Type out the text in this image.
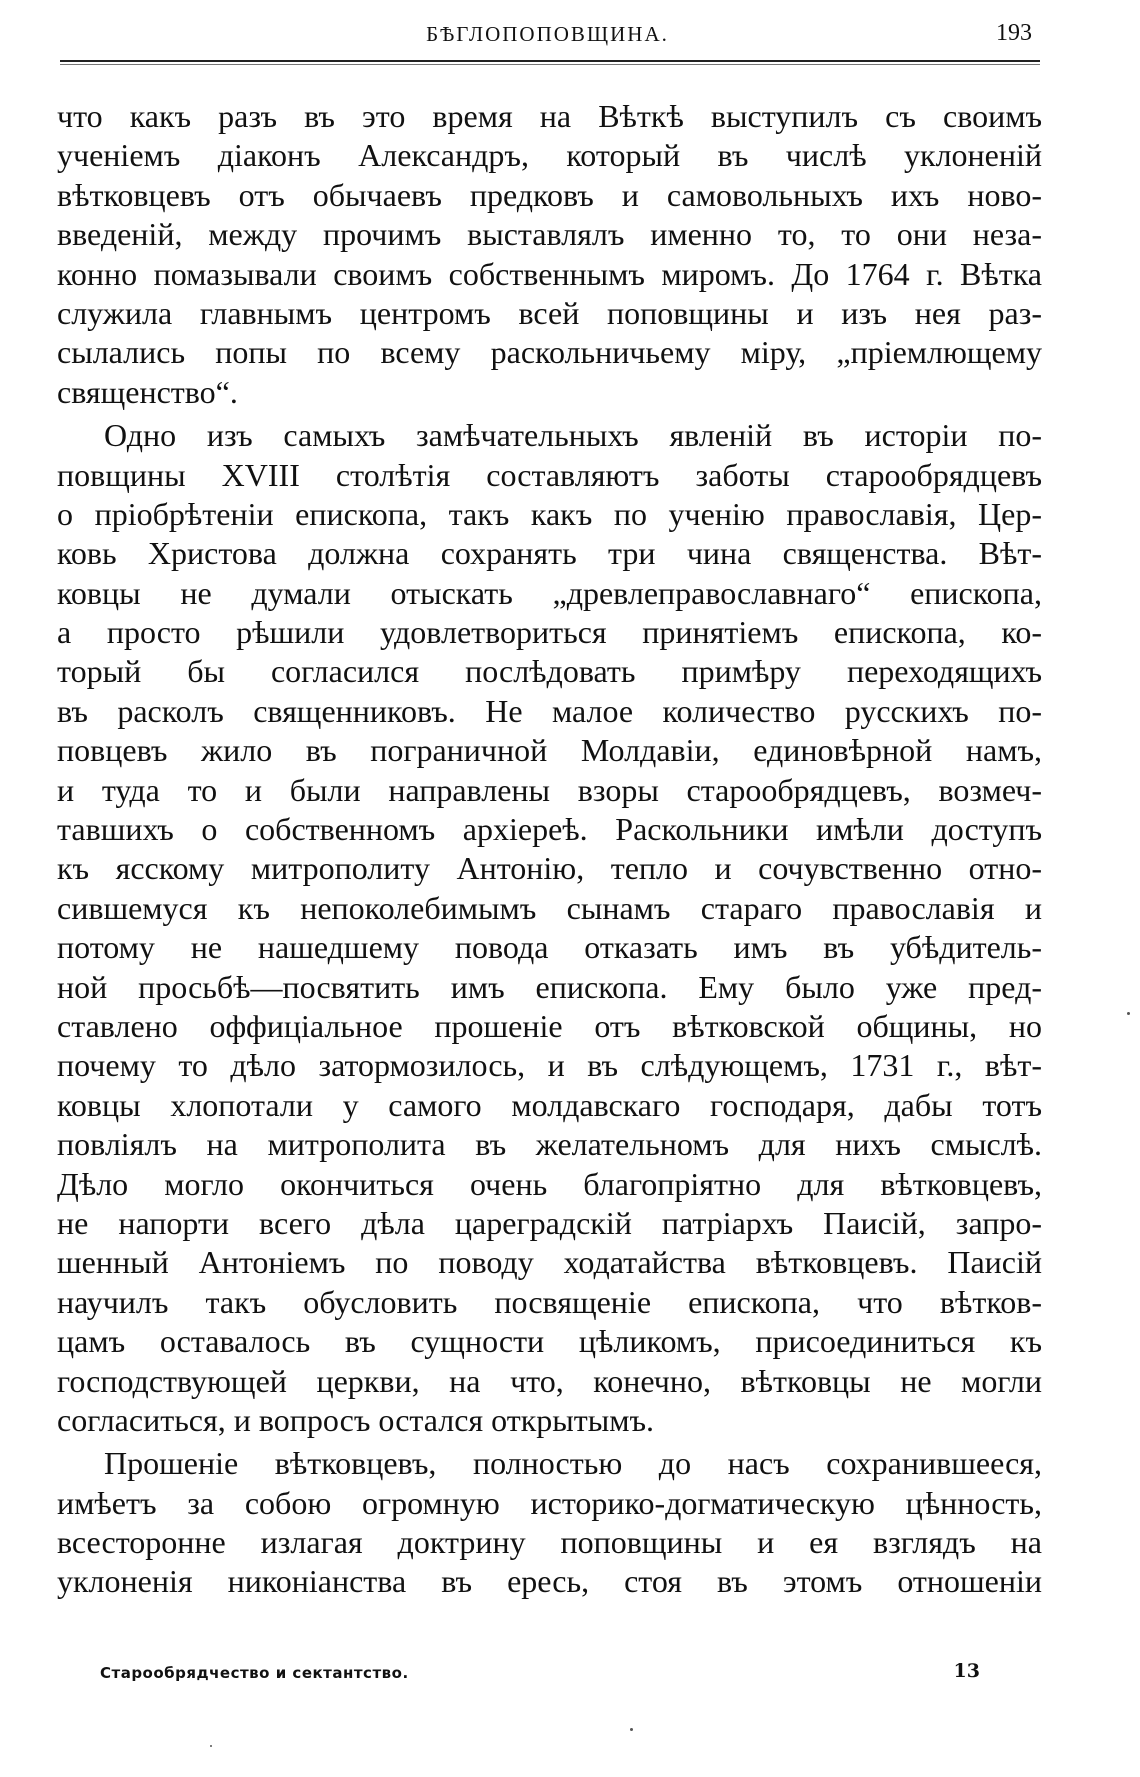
БѢГЛОПОПОВЩИНА.	193
что какъ разъ въ это время на Вѣткѣ выступилъ съ своимъ
ученіемъ діаконъ Александръ, который въ числѣ уклоненій
вѣтковцевъ отъ обычаевъ предковъ и самовольныхъ ихъ ново-
введеній, между прочимъ выставлялъ именно то, то они неза-
конно помазывали своимъ собственнымъ миромъ. До 1764 г. Вѣтка
служила главнымъ центромъ всей поповщины и изъ нея раз-
сылались попы по всему раскольничьему міру, „пріемлющему
священство“.
Одно изъ самыхъ замѣчательныхъ явленій въ исторіи по-
повщины XVIII столѣтія составляютъ заботы старообрядцевъ
о пріобрѣтеніи епископа, такъ какъ по ученію православія, Цер-
ковь Христова должна сохранять три чина священства. Вѣт-
ковцы не думали отыскать „древлеправославнаго“ епископа,
а просто рѣшили удовлетвориться принятіемъ епископа, ко-
торый бы согласился послѣдовать примѣру переходящихъ
въ расколъ священниковъ. Не малое количество русскихъ по-
повцевъ жило въ пограничной Молдавіи, единовѣрной намъ,
и туда то и были направлены взоры старообрядцевъ, возмеч-
тавшихъ о собственномъ архіереѣ. Раскольники имѣли доступъ
къ ясскому митрополиту Антонію, тепло и сочувственно отно-
сившемуся къ непоколебимымъ сынамъ стараго православія и
потому не нашедшему повода отказать имъ въ убѣдитель-
ной просьбѣ—посвятить имъ епископа. Ему было уже пред-
ставлено оффиціальное прошеніе отъ вѣтковской общины, но
почему то дѣло затормозилось, и въ слѣдующемъ, 1731 г., вѣт-
ковцы хлопотали у самого молдавскаго господаря, дабы тотъ
повліялъ на митрополита въ желательномъ для нихъ смыслѣ.
Дѣло могло окончиться очень благопріятно для вѣтковцевъ,
не напорти всего дѣла цареградскій патріархъ Паисій, запро-
шенный Антоніемъ по поводу ходатайства вѣтковцевъ. Паисій
научилъ такъ обусловить посвященіе епископа, что вѣтков-
цамъ оставалось въ сущности цѣликомъ, присоединиться къ
господствующей церкви, на что, конечно, вѣтковцы не могли
согласиться, и вопросъ остался открытымъ.
Прошеніе вѣтковцевъ, полностью до насъ сохранившееся,
имѣетъ за собою огромную историко-догматическую цѣнность,
всесторонне излагая доктрину поповщины и ея взглядъ на
уклоненія никоніанства въ ересь, стоя въ этомъ отношеніи
Старообрядчество и сектантство.	13
